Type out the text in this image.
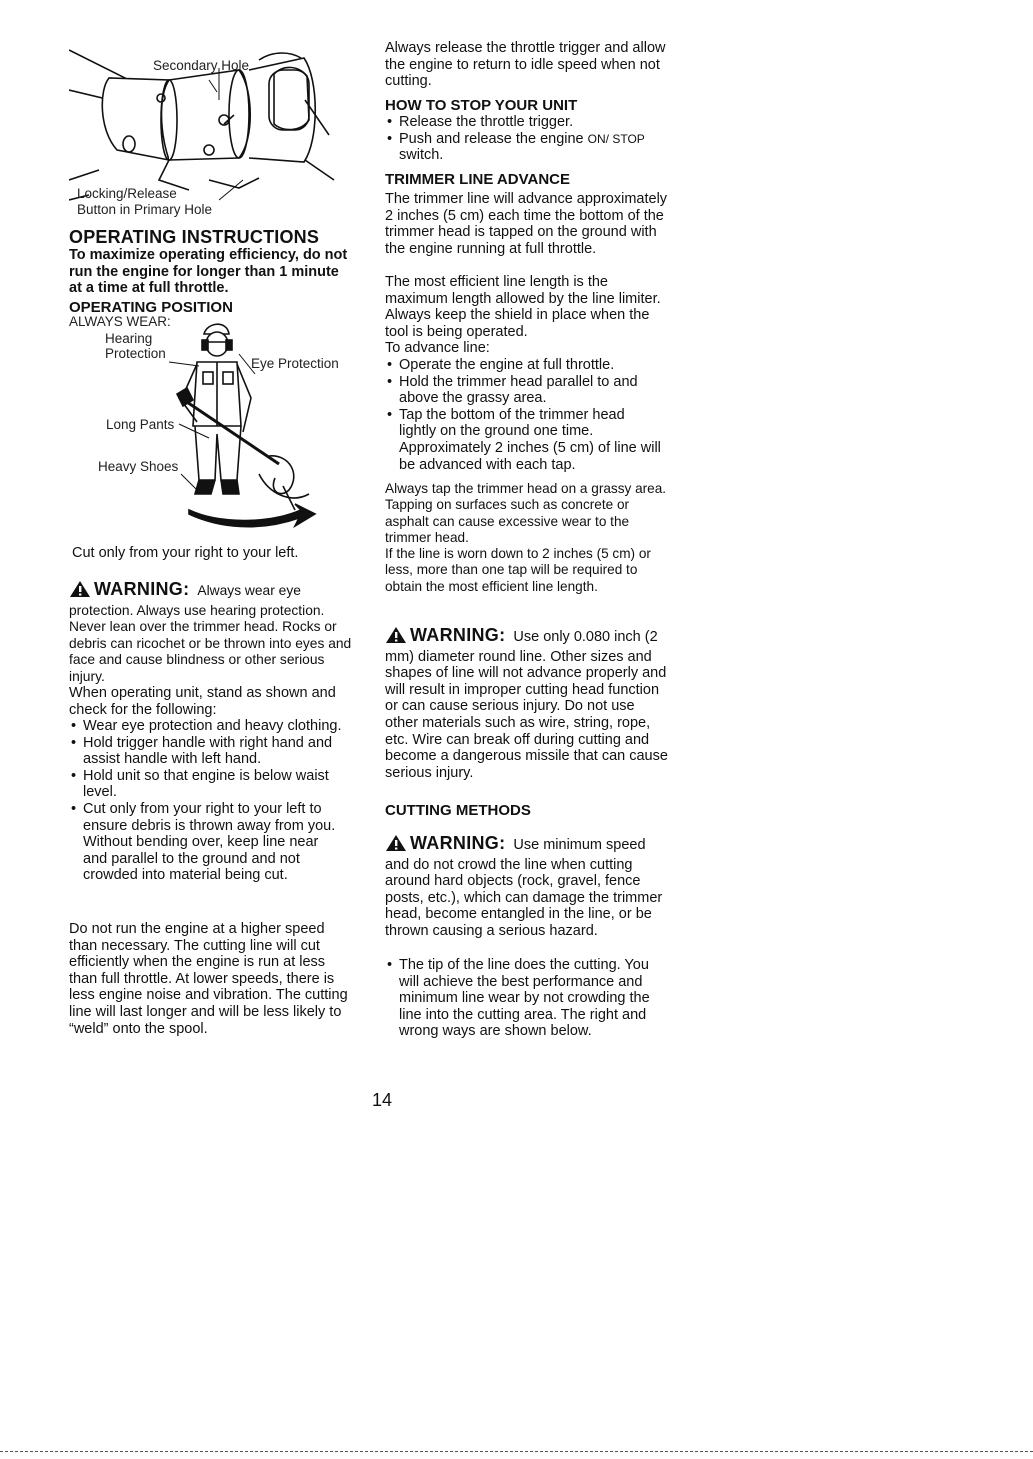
Secondary Hole
Locking/Release
Button in Primary Hole
OPERATING INSTRUCTIONS
To maximize operating efficiency, do not run the engine for longer than 1 minute at a time at full throttle.
OPERATING POSITION
ALWAYS WEAR:
Hearing
Protection
Eye Protection
Long Pants
Heavy Shoes
Cut only from your right to your left.
WARNING: Always wear eye protection. Always use hearing protection. Never lean over the trimmer head. Rocks or debris can ricochet or be thrown into eyes and face and cause blindness or other serious injury.
When operating unit, stand as shown and check for the following:
• Wear eye protection and heavy clothing.
• Hold trigger handle with right hand and assist handle with left hand.
• Hold unit so that engine is below waist level.
• Cut only from your right to your left to ensure debris is thrown away from you. Without bending over, keep line near and parallel to the ground and not crowded into material being cut.
Do not run the engine at a higher speed than necessary. The cutting line will cut efficiently when the engine is run at less than full throttle. At lower speeds, there is less engine noise and vibration. The cutting line will last longer and will be less likely to “weld” onto the spool.
Always release the throttle trigger and allow the engine to return to idle speed when not cutting.
HOW TO STOP YOUR UNIT
• Release the throttle trigger.
• Push and release the engine ON/ STOP switch.
TRIMMER LINE ADVANCE
The trimmer line will advance approximately 2 inches (5 cm) each time the bottom of the trimmer head is tapped on the ground with the engine running at full throttle.
The most efficient line length is the maximum length allowed by the line limiter. Always keep the shield in place when the tool is being operated.
To advance line:
• Operate the engine at full throttle.
• Hold the trimmer head parallel to and above the grassy area.
• Tap the bottom of the trimmer head lightly on the ground one time. Approximately 2 inches (5 cm) of line will be advanced with each tap.
Always tap the trimmer head on a grassy area. Tapping on surfaces such as concrete or asphalt can cause excessive wear to the trimmer head.
If the line is worn down to 2 inches (5 cm) or less, more than one tap will be required to obtain the most efficient line length.
WARNING: Use only 0.080 inch (2 mm) diameter round line. Other sizes and shapes of line will not advance properly and will result in improper cutting head function or can cause serious injury. Do not use other materials such as wire, string, rope, etc. Wire can break off during cutting and become a dangerous missile that can cause serious injury.
CUTTING METHODS
WARNING: Use minimum speed and do not crowd the line when cutting around hard objects (rock, gravel, fence posts, etc.), which can damage the trimmer head, become entangled in the line, or be thrown causing a serious hazard.
• The tip of the line does the cutting. You will achieve the best performance and minimum line wear by not crowding the line into the cutting area. The right and wrong ways are shown below.
14
